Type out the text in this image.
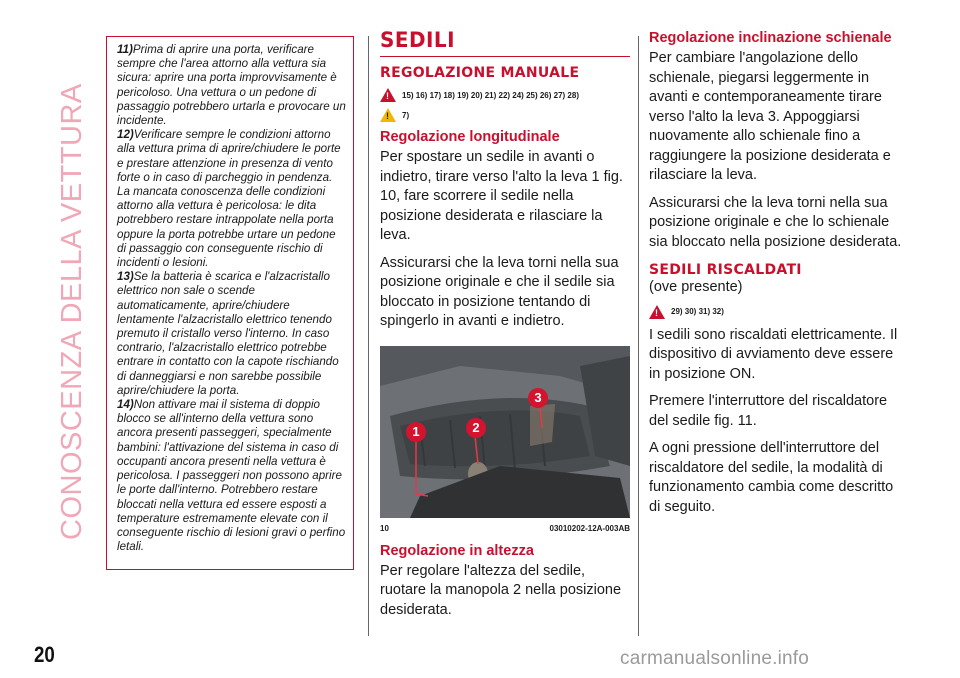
CONOSCENZA DELLA VETTURA
20

11)Prima di aprire una porta, verificare sempre che l'area attorno alla vettura sia sicura: aprire una porta improvvisamente è pericoloso. Una vettura o un pedone di passaggio potrebbero urtarla e provocare un incidente.

12)Verificare sempre le condizioni attorno alla vettura prima di aprire/chiudere le porte e prestare attenzione in presenza di vento forte o in caso di parcheggio in pendenza. La mancata conoscenza delle condizioni attorno alla vettura è pericolosa: le dita potrebbero restare intrappolate nella porta oppure la porta potrebbe urtare un pedone di passaggio con conseguente rischio di incidenti o lesioni.

13)Se la batteria è scarica e l'alzacristallo elettrico non sale o scende automaticamente, aprire/chiudere lentamente l'alzacristallo elettrico tenendo premuto il cristallo verso l'interno. In caso contrario, l'alzacristallo elettrico potrebbe entrare in contatto con la capote rischiando di danneggiarsi e non sarebbe possibile aprire/chiudere la porta.

14)Non attivare mai il sistema di doppio blocco se all'interno della vettura sono ancora presenti passeggeri, specialmente bambini: l'attivazione del sistema in caso di occupanti ancora presenti nella vettura è pericolosa. I passeggeri non possono aprire le porte dall'interno. Potrebbero restare bloccati nella vettura ed essere esposti a temperature estremamente elevate con il conseguente rischio di lesioni gravi o perfino letali.

SEDILI
REGOLAZIONE MANUALE
! 15) 16) 17) 18) 19) 20) 21) 22) 24) 25) 26) 27) 28)
! 7)
Regolazione longitudinale

Per spostare un sedile in avanti o indietro, tirare verso l'alto la leva 1 fig. 10, fare scorrere il sedile nella posizione desiderata e rilasciare la leva.

Assicurarsi che la leva torni nella sua posizione originale e che il sedile sia bloccato in posizione tentando di spingerlo in avanti e indietro.

1	2
3
10	03010202-12A-003AB
Regolazione in altezza

Per regolare l'altezza del sedile, ruotare la manopola 2 nella posizione desiderata.

Regolazione inclinazione schienale

Per cambiare l'angolazione dello schienale, piegarsi leggermente in avanti e contemporaneamente tirare verso l'alto la leva 3. Appoggiarsi nuovamente allo schienale fino a raggiungere la posizione desiderata e rilasciare la leva.

Assicurarsi che la leva torni nella sua posizione originale e che lo schienale sia bloccato nella posizione desiderata.

SEDILI RISCALDATI
(ove presente)
! 29) 30) 31) 32)

I sedili sono riscaldati elettricamente. Il dispositivo di avviamento deve essere in posizione ON.

Premere l'interruttore del riscaldatore del sedile fig. 11.

A ogni pressione dell'interruttore del riscaldatore del sedile, la modalità di funzionamento cambia come descritto di seguito.

carmanualsonline.info
